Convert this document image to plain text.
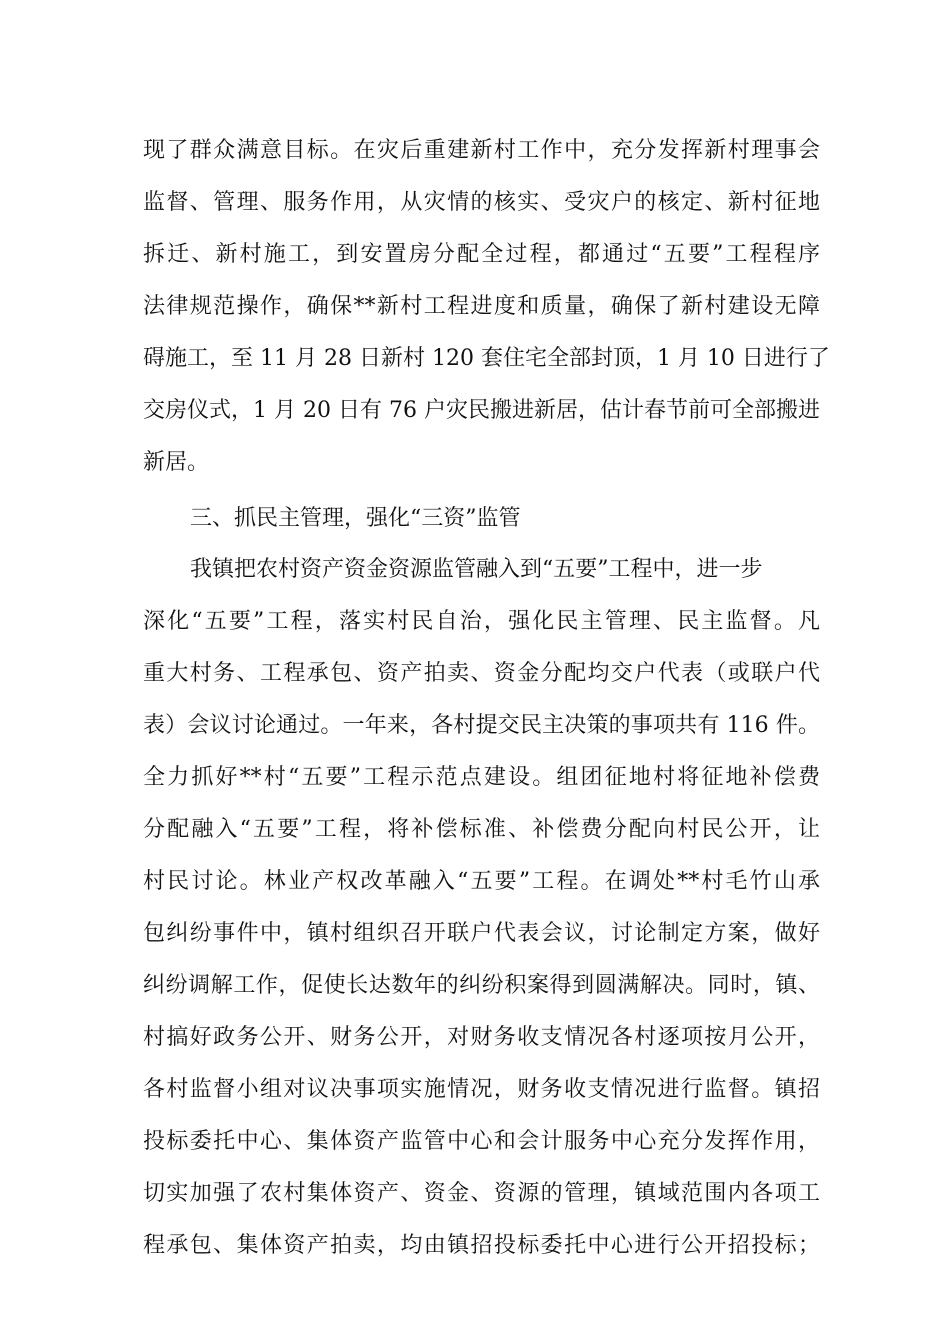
现了群众满意目标。在灾后重建新村工作中，充分发挥新村理事会
监督、管理、服务作用，从灾情的核实、受灾户的核定、新村征地
拆迁、新村施工，到安置房分配全过程，都通过“五要”工程程序
法律规范操作，确保**新村工程进度和质量，确保了新村建设无障
碍施工，至 11 月 28 日新村 120 套住宅全部封顶，1 月 10 日进行了
交房仪式，1 月 20 日有 76 户灾民搬进新居，估计春节前可全部搬进
新居。
三、抓民主管理，强化“三资”监管
我镇把农村资产资金资源监管融入到“五要”工程中，进一步
深化“五要”工程，落实村民自治，强化民主管理、民主监督。凡
重大村务、工程承包、资产拍卖、资金分配均交户代表（或联户代
表）会议讨论通过。一年来，各村提交民主决策的事项共有 116 件。
全力抓好**村“五要”工程示范点建设。组团征地村将征地补偿费
分配融入“五要”工程，将补偿标准、补偿费分配向村民公开，让
村民讨论。林业产权改革融入“五要”工程。在调处**村毛竹山承
包纠纷事件中，镇村组织召开联户代表会议，讨论制定方案，做好
纠纷调解工作，促使长达数年的纠纷积案得到圆满解决。同时，镇、
村搞好政务公开、财务公开，对财务收支情况各村逐项按月公开，
各村监督小组对议决事项实施情况，财务收支情况进行监督。镇招
投标委托中心、集体资产监管中心和会计服务中心充分发挥作用，
切实加强了农村集体资产、资金、资源的管理，镇域范围内各项工
程承包、集体资产拍卖，均由镇招投标委托中心进行公开招投标；
